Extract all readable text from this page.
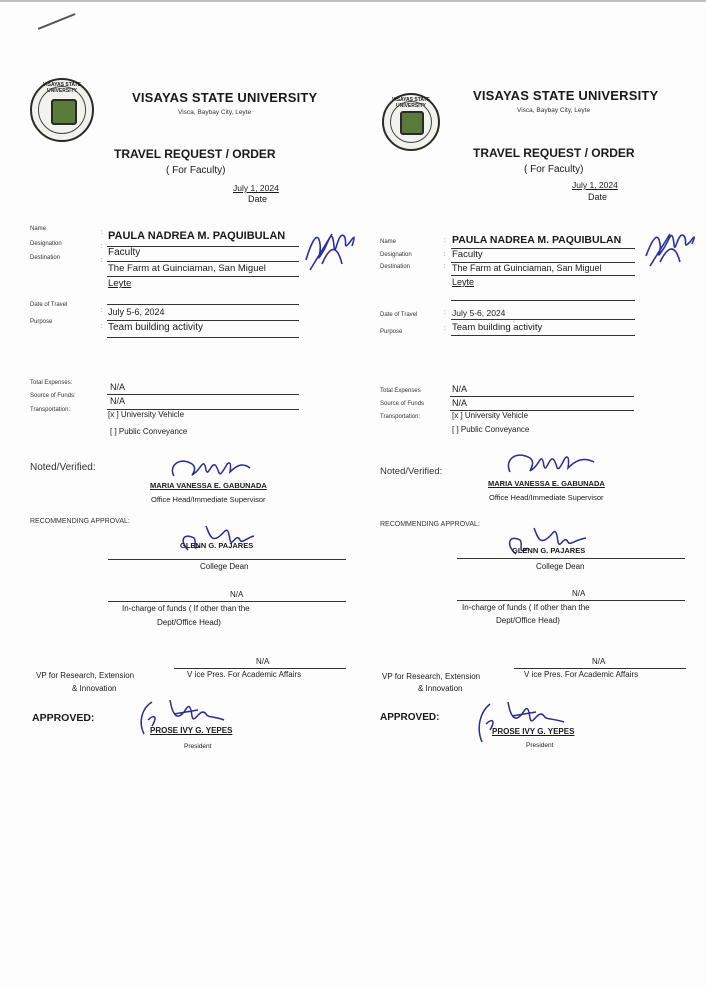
VISAYAS STATE UNIVERSITY	VISAYAS STATE UNIVERSITY
Visca, Baybay City, Leyte
TRAVEL REQUEST / ORDER
( For Faculty)
July 1, 2024
Date
Name
Designation
Destination
:
:
:
PAULA NADREA M. PAQUIBULAN
Faculty
The Farm at Guinciaman, San Miguel
Leyte
Date of Travel
Purpose
:
:
July 5-6, 2024
Team building activity
Total Expenses:
Source of Funds:
Transportation:
N/A
N/A
[x ] University Vehicle
[ ] Public Conveyance
Noted/Verified:
MARIA VANESSA E. GABUNADA
Office Head/Immediate Supervisor
RECOMMENDING APPROVAL:
GLENN G. PAJARES
College Dean
N/A
In-charge of funds ( If other than the
Dept/Office Head)
N/A
VP for Research, Extension
& Innovation
V ice Pres. For Academic Affairs
APPROVED:
PROSE IVY G. YEPES
President
VISAYAS STATE UNIVERSITY
VISAYAS STATE UNIVERSITY
Visca, Baybay City, Leyte
TRAVEL REQUEST / ORDER
( For Faculty)
July 1, 2024
Date
Name
Designation
Destination
:
:
:
PAULA NADREA M. PAQUIBULAN
Faculty
The Farm at Guinciaman, San Miguel
Leyte
Date of Travel
Purpose
:
:
July 5-6, 2024
Team building activity
Total Expenses
Source of Funds
Transportation:
N/A
N/A
[x ] University Vehicle
[ ] Public Conveyance
Noted/Verified:
MARIA VANESSA E. GABUNADA
Office Head/Immediate Supervisor
RECOMMENDING APPROVAL:
GLENN G. PAJARES
College Dean
N/A
In-charge of funds ( If other than the
Dept/Office Head)
N/A
VP for Research, Extension
& Innovation
V ice Pres. For Academic Affairs
APPROVED:
PROSE IVY G. YEPES
President
